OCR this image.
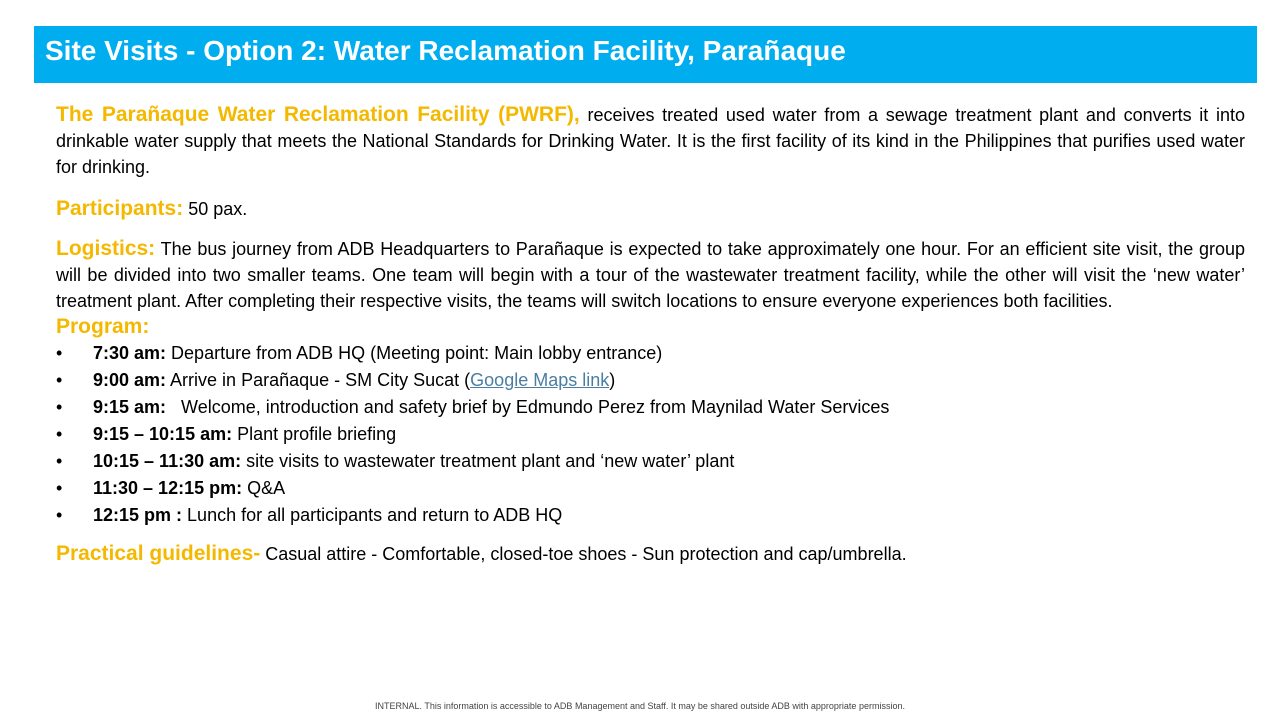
Site Visits - Option 2: Water Reclamation Facility, Parañaque

The Parañaque Water Reclamation Facility (PWRF), receives treated used water from a sewage treatment plant and converts it into drinkable water supply that meets the National Standards for Drinking Water. It is the first facility of its kind in the Philippines that purifies used water for drinking.

Participants: 50 pax.

Logistics: The bus journey from ADB Headquarters to Parañaque is expected to take approximately one hour. For an efficient site visit, the group will be divided into two smaller teams. One team will begin with a tour of the wastewater treatment facility, while the other will visit the ‘new water’ treatment plant. After completing their respective visits, the teams will switch locations to ensure everyone experiences both facilities.

Program:

• 7:30 am: Departure from ADB HQ (Meeting point: Main lobby entrance)
• 9:00 am: Arrive in Parañaque - SM City Sucat (Google Maps link)
• 9:15 am:   Welcome, introduction and safety brief by Edmundo Perez from Maynilad Water Services
• 9:15 – 10:15 am: Plant profile briefing
• 10:15 – 11:30 am: site visits to wastewater treatment plant and ‘new water’ plant
• 11:30 – 12:15 pm: Q&A
• 12:15 pm : Lunch for all participants and return to ADB HQ

Practical guidelines- Casual attire - Comfortable, closed-toe shoes - Sun protection and cap/umbrella.

INTERNAL. This information is accessible to ADB Management and Staff. It may be shared outside ADB with appropriate permission.
